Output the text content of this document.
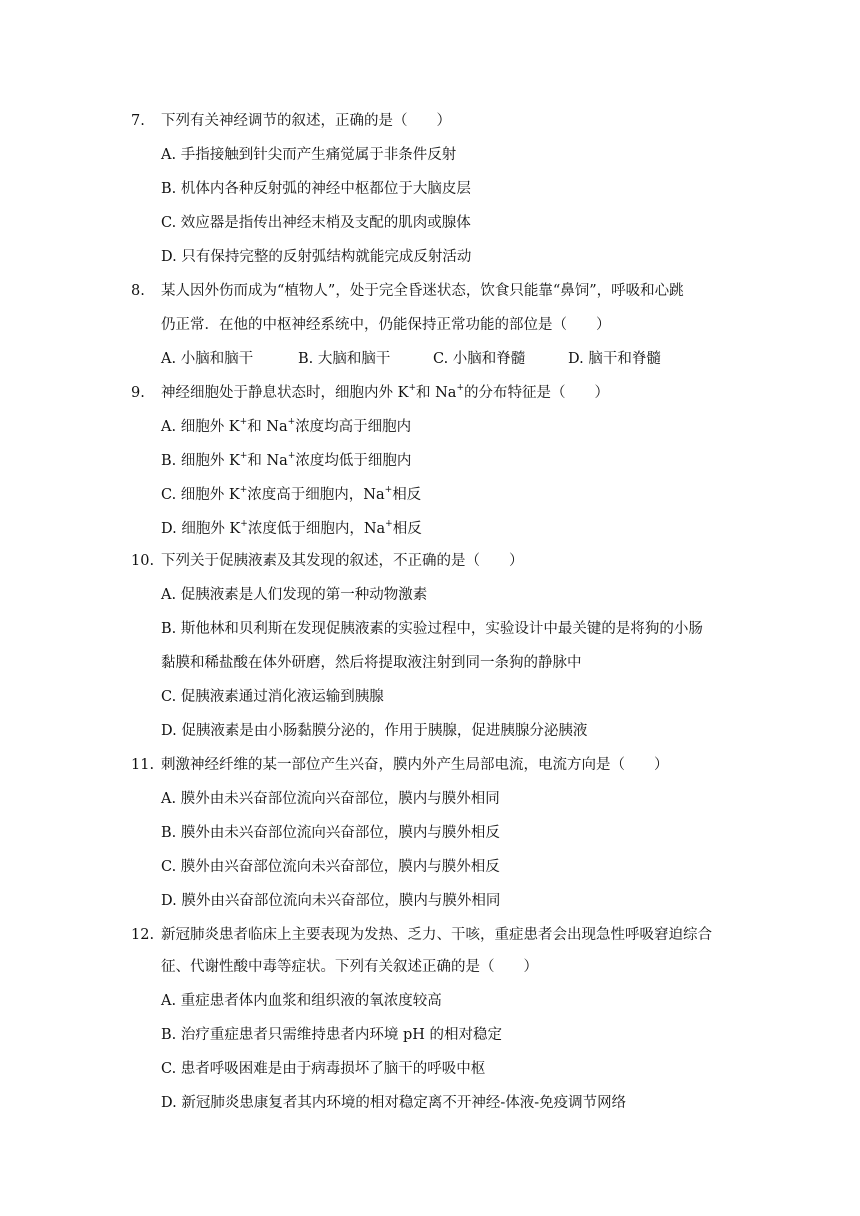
7. 下列有关神经调节的叙述，正确的是（　　）
A. 手指接触到针尖而产生痛觉属于非条件反射
B. 机体内各种反射弧的神经中枢都位于大脑皮层
C. 效应器是指传出神经末梢及支配的肌肉或腺体
D. 只有保持完整的反射弧结构就能完成反射活动
8. 某人因外伤而成为“植物人”，处于完全昏迷状态，饮食只能靠“鼻饲”，呼吸和心跳
仍正常．在他的中枢神经系统中，仍能保持正常功能的部位是（　　）
A. 小脑和脑干	B. 大脑和脑干	C. 小脑和脊髓	D. 脑干和脊髓
9. 神经细胞处于静息状态时，细胞内外 K+和 Na+的分布特征是（　　）
A. 细胞外 K+和 Na+浓度均高于细胞内
B. 细胞外 K+和 Na+浓度均低于细胞内
C. 细胞外 K+浓度高于细胞内，Na+相反
D. 细胞外 K+浓度低于细胞内，Na+相反
10. 下列关于促胰液素及其发现的叙述，不正确的是（　　）
A. 促胰液素是人们发现的第一种动物激素
B. 斯他林和贝利斯在发现促胰液素的实验过程中，实验设计中最关键的是将狗的小肠
黏膜和稀盐酸在体外研磨，然后将提取液注射到同一条狗的静脉中
C. 促胰液素通过消化液运输到胰腺
D. 促胰液素是由小肠黏膜分泌的，作用于胰腺，促进胰腺分泌胰液
11. 刺激神经纤维的某一部位产生兴奋，膜内外产生局部电流，电流方向是（　　）
A. 膜外由未兴奋部位流向兴奋部位，膜内与膜外相同
B. 膜外由未兴奋部位流向兴奋部位，膜内与膜外相反
C. 膜外由兴奋部位流向未兴奋部位，膜内与膜外相反
D. 膜外由兴奋部位流向未兴奋部位，膜内与膜外相同
12. 新冠肺炎患者临床上主要表现为发热、乏力、干咳，重症患者会出现急性呼吸窘迫综合
征、代谢性酸中毒等症状。下列有关叙述正确的是（　　）
A. 重症患者体内血浆和组织液的氧浓度较高
B. 治疗重症患者只需维持患者内环境 pH 的相对稳定
C. 患者呼吸困难是由于病毒损坏了脑干的呼吸中枢
D. 新冠肺炎患康复者其内环境的相对稳定离不开神经-体液-免疫调节网络
